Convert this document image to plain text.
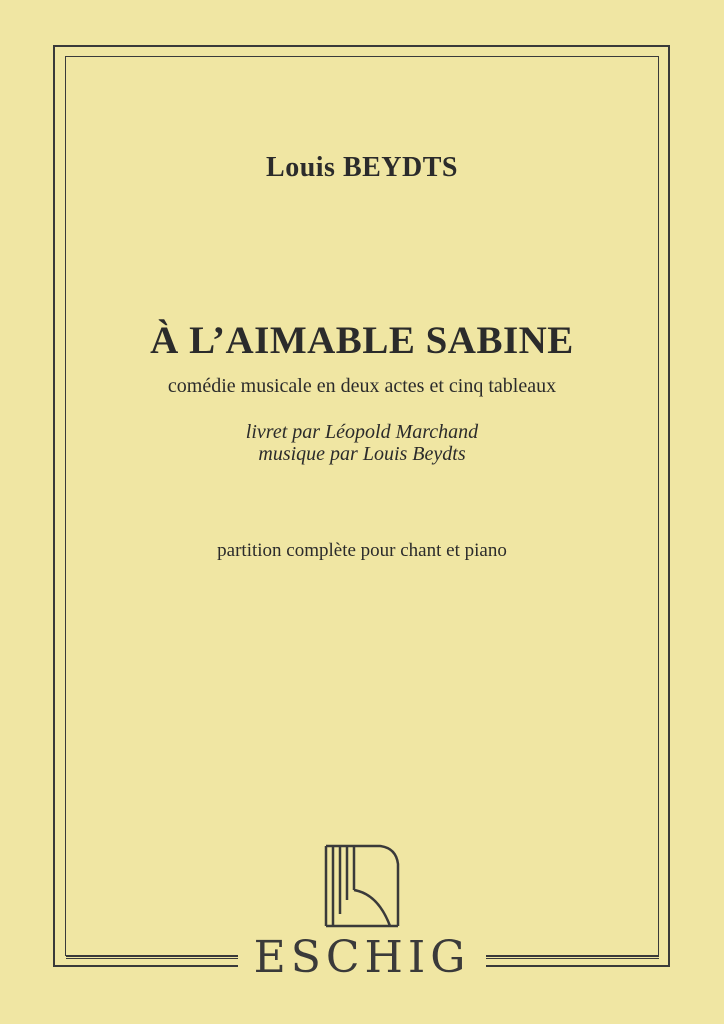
Louis BEYDTS

À L’AIMABLE SABINE

comédie musicale en deux actes et cinq tableaux

livret par Léopold Marchand

musique par Louis Beydts

partition complète pour chant et piano

ESCHIG
